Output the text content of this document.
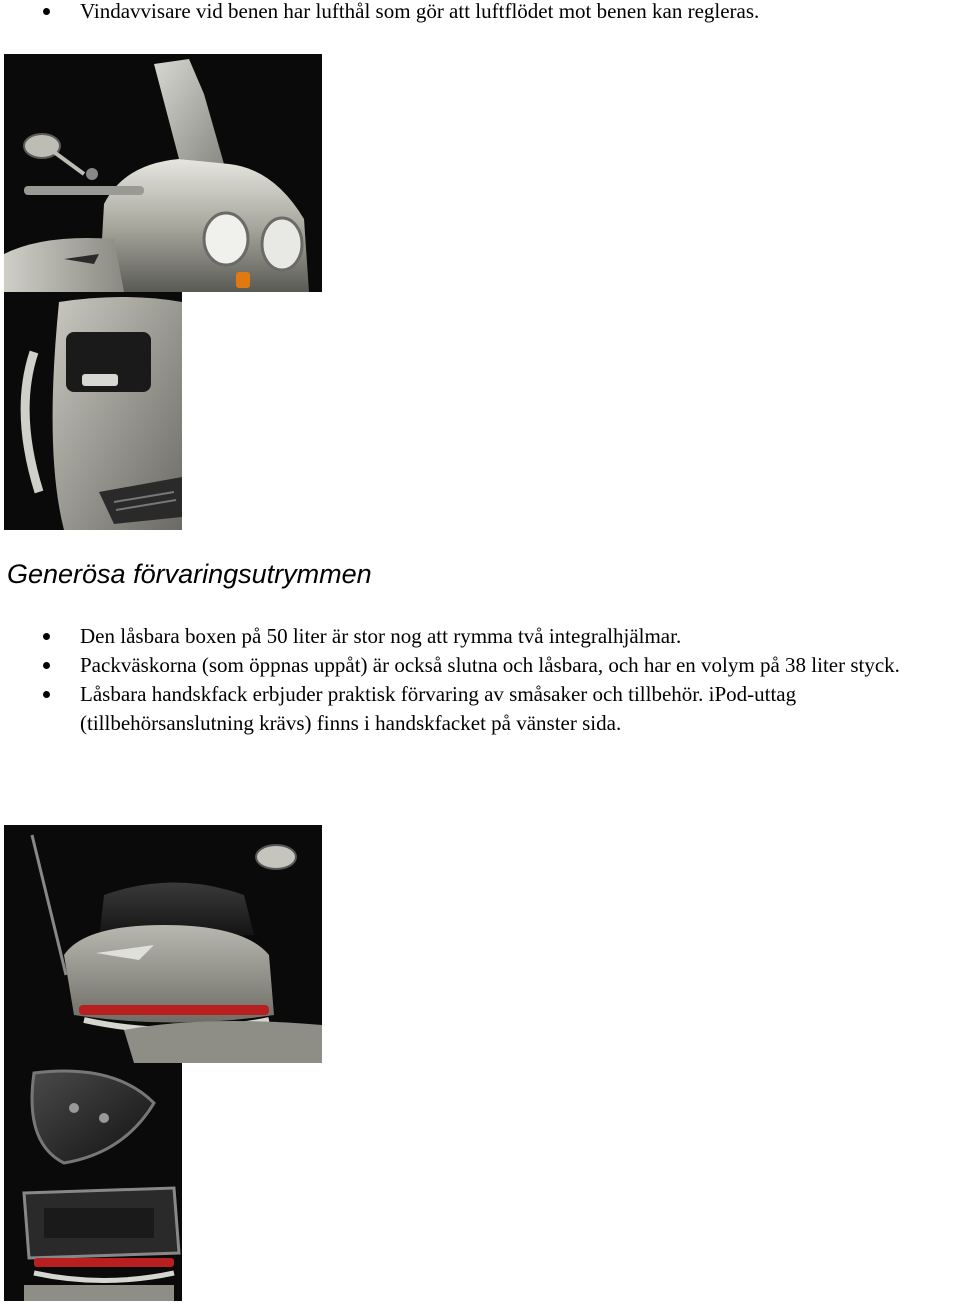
Vindavvisare vid benen har lufthål som gör att luftflödet mot benen kan regleras.
Generösa förvaringsutrymmen
Den låsbara boxen på 50 liter är stor nog att rymma två integralhjälmar.
Packväskorna (som öppnas uppåt) är också slutna och låsbara, och har en volym på 38 liter styck.
Låsbara handskfack erbjuder praktisk förvaring av småsaker och tillbehör. iPod-uttag (tillbehörsanslutning krävs) finns i handskfacket på vänster sida.
